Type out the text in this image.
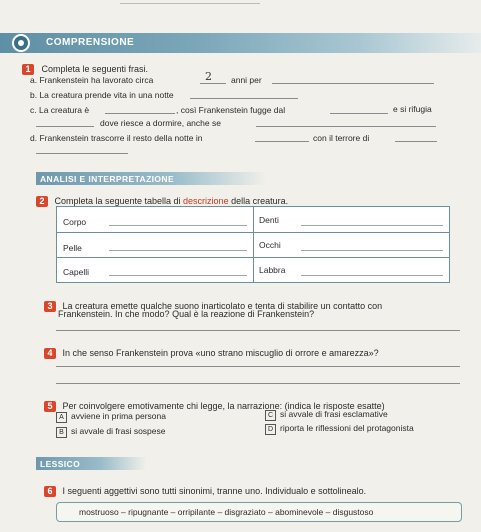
COMPRENSIONE
1 Completa le seguenti frasi.
a. Frankenstein ha lavorato circa	2 anni per
b. La creatura prende vita in una notte
c. La creatura è	, così Frankenstein fugge dal	e si rifugia
dove riesce a dormire, anche se
d. Frankenstein trascorre il resto della notte in	con il terrore di
ANALISI E INTERPRETAZIONE
2 Completa la seguente tabella di descrizione della creatura.
Corpo	Denti
Pelle	Occhi
Capelli	Labbra
3 La creatura emette qualche suono inarticolato e tenta di stabilire un contatto con
Frankenstein. In che modo? Qual è la reazione di Frankenstein?
4 In che senso Frankenstein prova «uno strano miscuglio di orrore e amarezza»?
5 Per coinvolgere emotivamente chi legge, la narrazione: (indica le risposte esatte)
A avviene in prima persona
B si avvale di frasi sospese
C si avvale di frasi esclamative
D riporta le riflessioni del protagonista
LESSICO
6 I seguenti aggettivi sono tutti sinonimi, tranne uno. Individualo e sottolinealo.
mostruoso – ripugnante – orripilante – disgraziato – abominevole – disgustoso
